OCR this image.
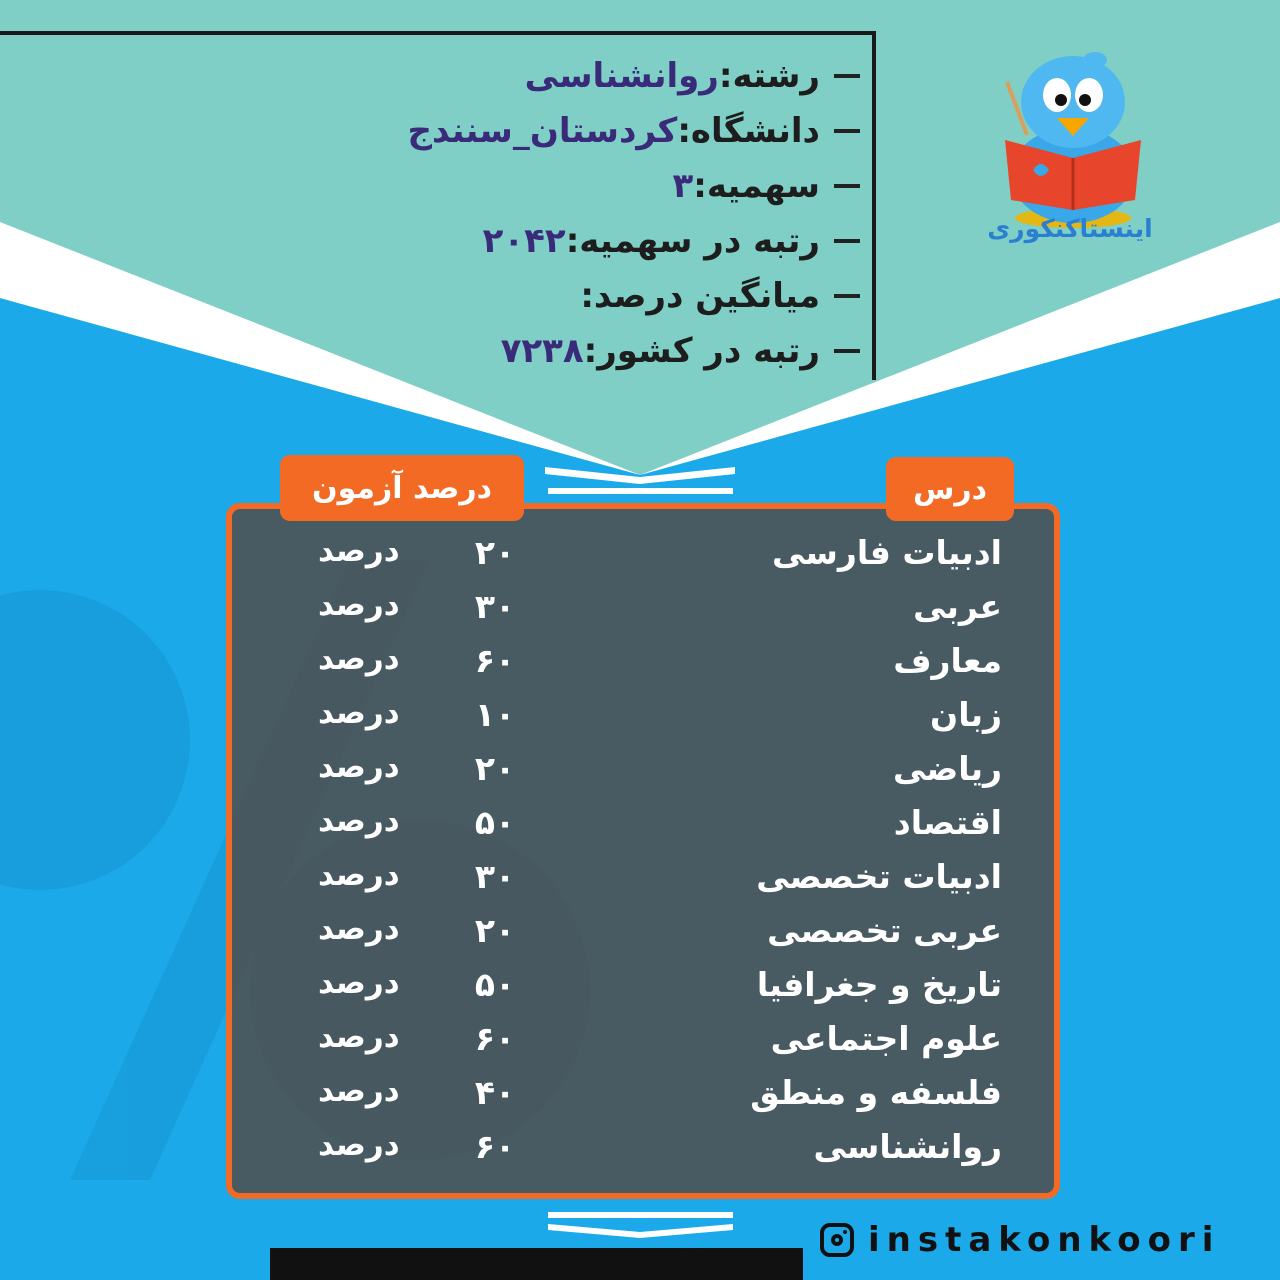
رشته:
روانشناسی
دانشگاه:
کردستان_سنندج
سهمیه:
۳
رتبه در سهمیه:
۲۰۴۲
میانگین درصد:
رتبه در کشور:
۷۲۳۸
اینستاکنکوری
درس
درصد آزمون
ادبیات فارسی
۲۰
درصد
عربی
۳۰
درصد
معارف
۶۰
درصد
زبان
۱۰
درصد
ریاضی
۲۰
درصد
اقتصاد
۵۰
درصد
ادبیات تخصصی
۳۰
درصد
عربی تخصصی
۲۰
درصد
تاریخ و جغرافیا
۵۰
درصد
علوم اجتماعی
۶۰
درصد
فلسفه و منطق
۴۰
درصد
روانشناسی
۶۰
درصد
instakonkoori
